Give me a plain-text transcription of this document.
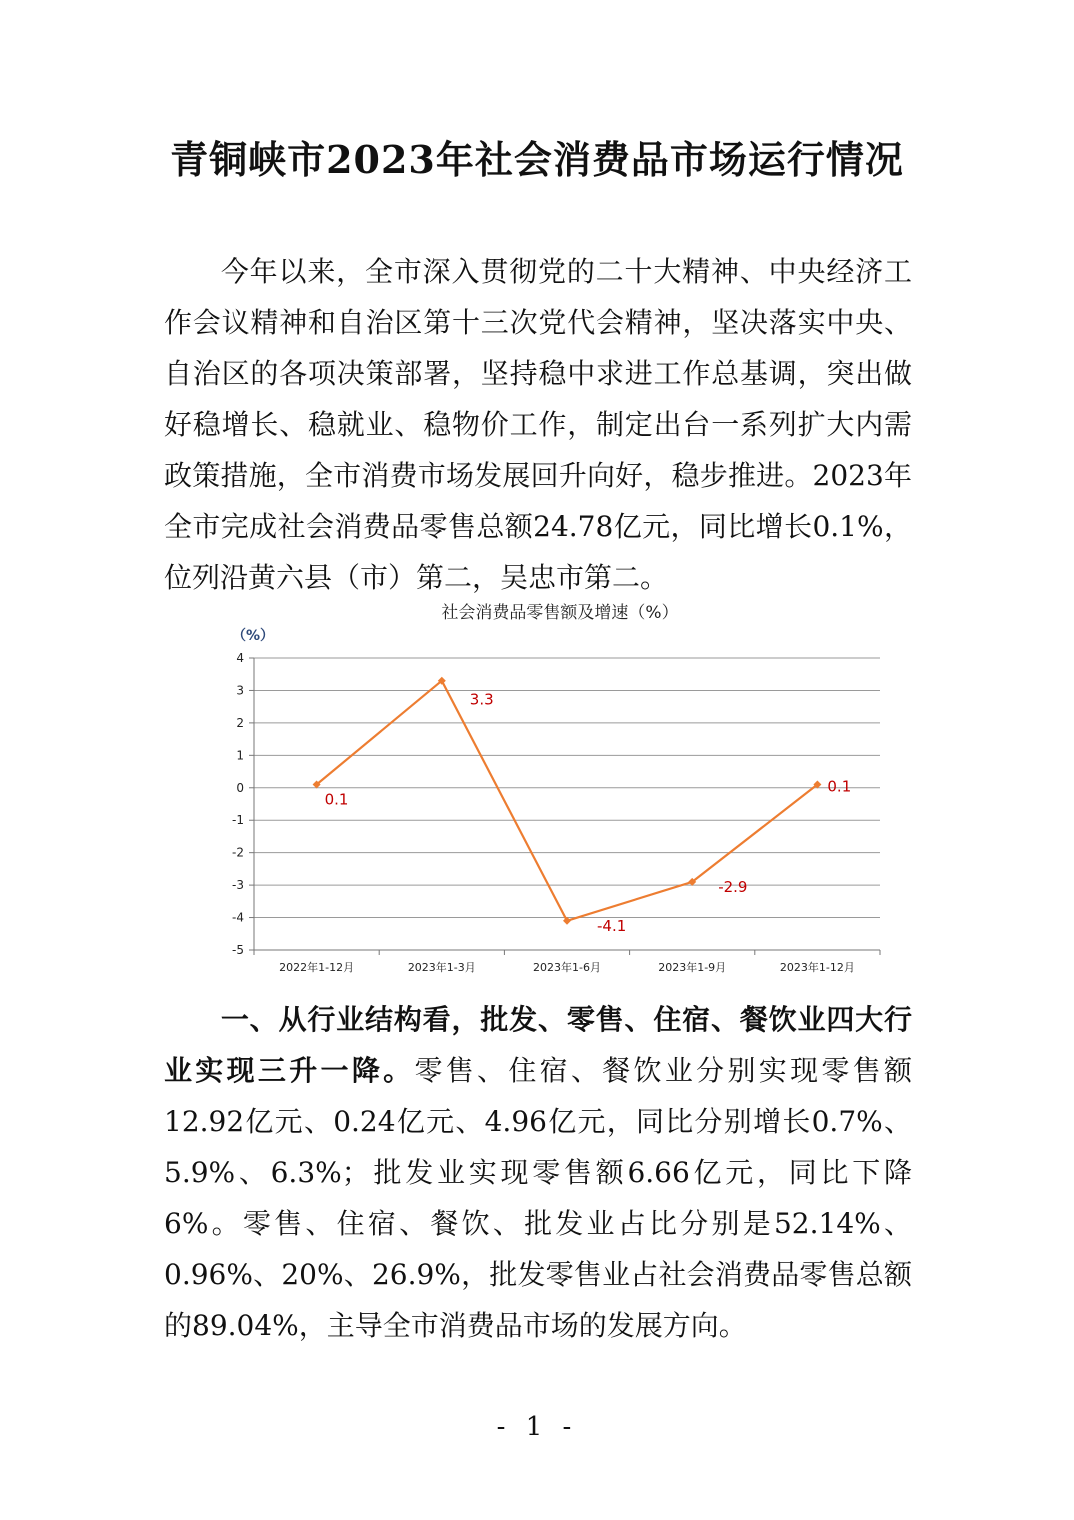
青铜峡市2023年社会消费品市场运行情况

今年以来，全市深入贯彻党的二十大精神、中央经济工作会议精神和自治区第十三次党代会精神，坚决落实中央、自治区的各项决策部署，坚持稳中求进工作总基调，突出做好稳增长、稳就业、稳物价工作，制定出台一系列扩大内需政策措施，全市消费市场发展回升向好，稳步推进。2023年全市完成社会消费品零售总额24.78亿元，同比增长0.1%，位列沿黄六县（市）第二，吴忠市第二。

社会消费品零售额及增速（%）
（%）
4
3
2
1
0
-1
-2
-3
-4
-5
2022年1-12月	2023年1-3月	2023年1-6月	2023年1-9月	2023年1-12月
0.1
3.3
-4.1
-2.9
0.1

一、从行业结构看，批发、零售、住宿、餐饮业四大行业实现三升一降。零售、住宿、餐饮业分别实现零售额12.92亿元、0.24亿元、4.96亿元，同比分别增长0.7%、5.9%、6.3%；批发业实现零售额6.66亿元，同比下降6%。零售、住宿、餐饮、批发业占比分别是52.14%、0.96%、20%、26.9%，批发零售业占社会消费品零售总额的89.04%，主导全市消费品市场的发展方向。

- 1 -
